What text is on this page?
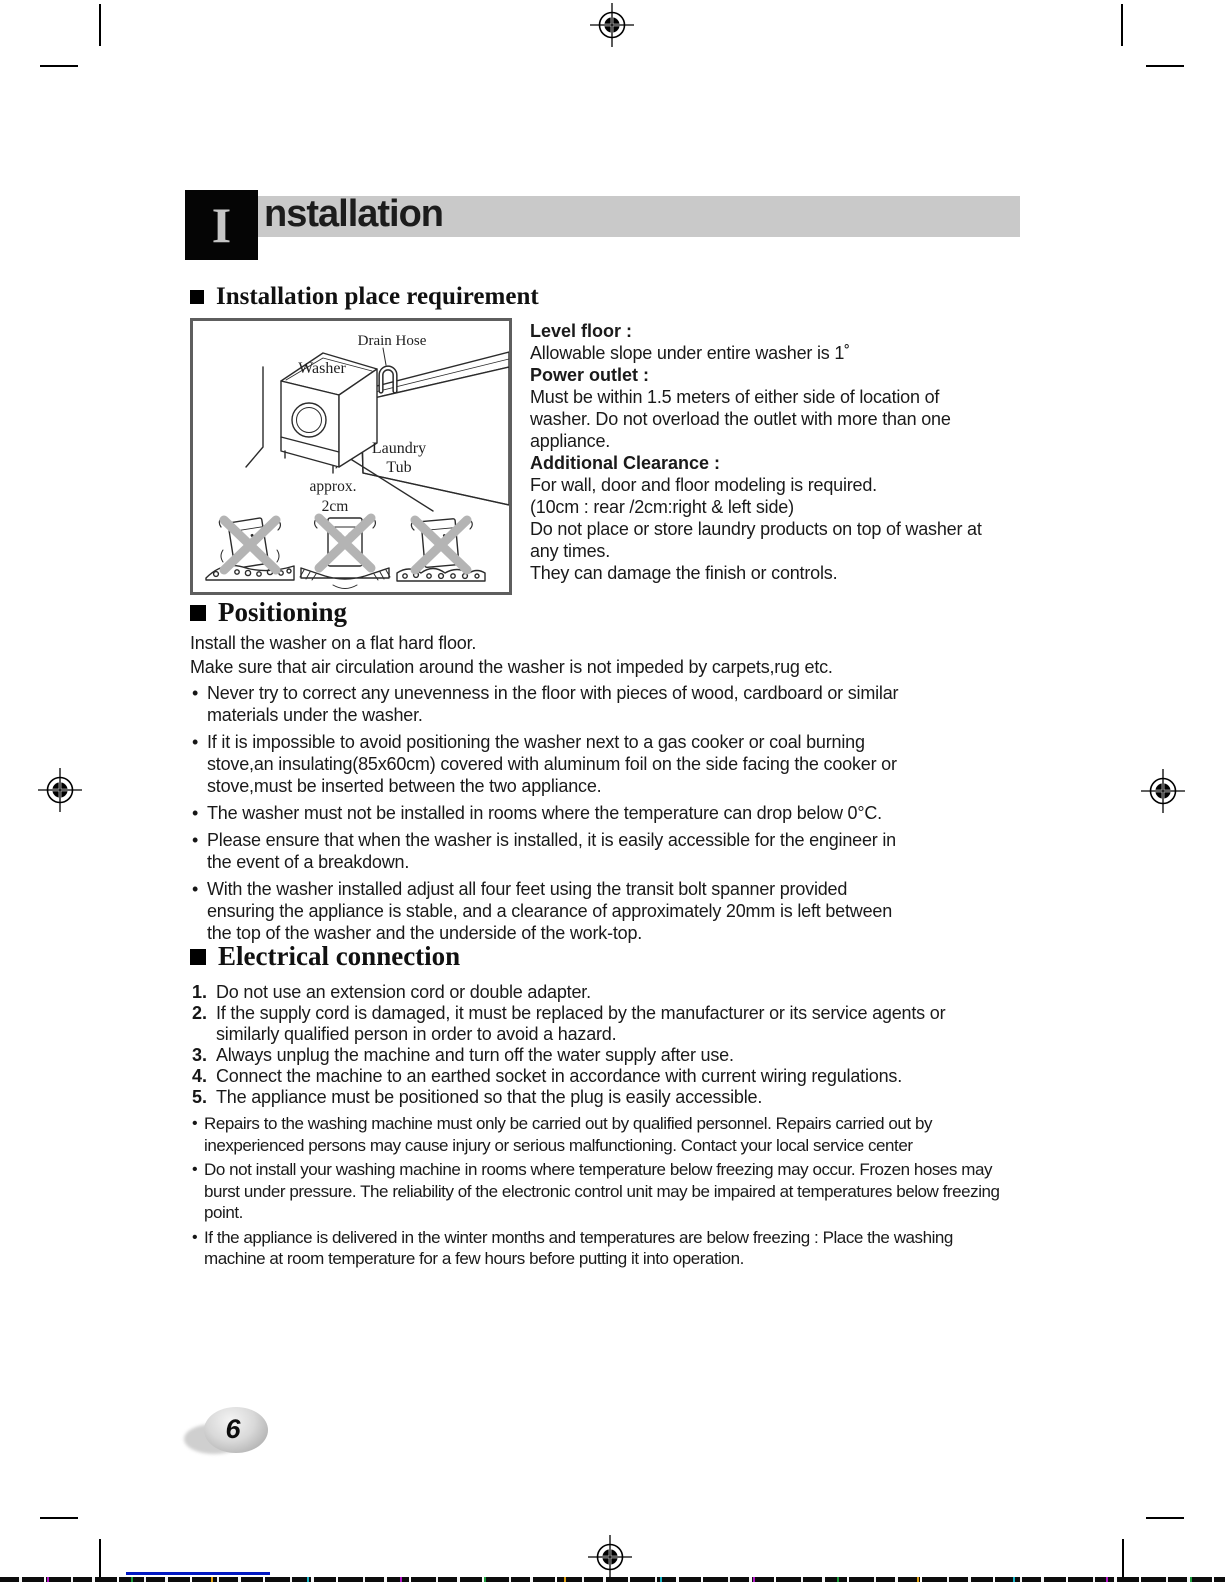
I nstallation
Installation place requirement
Drain Hose
Washer
Laundry
Tub
approx.
2cm
Level floor :
Allowable slope under entire washer is 1˚
Power outlet :
Must be within 1.5 meters of either side of location of
washer. Do not overload the outlet with more than one
appliance.
Additional Clearance :
For wall, door and floor modeling is required.
(10cm : rear /2cm:right & left side)
Do not place or store laundry products on top of washer at
any times.
They can damage the finish or controls.
Positioning
Install the washer on a flat hard floor.
Make sure that air circulation around the washer is not impeded by carpets,rug etc.
• Never try to correct any unevenness in the floor with pieces of wood, cardboard or similar
materials under the washer.
• If it is impossible to avoid positioning the washer next to a gas cooker or coal burning
stove,an insulating(85x60cm) covered with aluminum foil on the side facing the cooker or
stove,must be inserted between the two appliance.
• The washer must not be installed in rooms where the temperature can drop below 0°C.
• Please ensure that when the washer is installed, it is easily accessible for the engineer in
the event of a breakdown.
• With the washer installed adjust all four feet using the transit bolt spanner provided
ensuring the appliance is stable, and a clearance of approximately 20mm is left between
the top of the washer and the underside of the work-top.
Electrical connection
1. Do not use an extension cord or double adapter.
2. If the supply cord is damaged, it must be replaced by the manufacturer or its service agents or
similarly qualified person in order to avoid a hazard.
3. Always unplug the machine and turn off the water supply after use.
4. Connect the machine to an earthed socket in accordance with current wiring regulations.
5. The appliance must be positioned so that the plug is easily accessible.
• Repairs to the washing machine must only be carried out by qualified personnel. Repairs carried out by
inexperienced persons may cause injury or serious malfunctioning. Contact your local service center
• Do not install your washing machine in rooms where temperature below freezing may occur. Frozen hoses may
burst under pressure. The reliability of the electronic control unit may be impaired at temperatures below freezing
point.
• If the appliance is delivered in the winter months and temperatures are below freezing : Place the washing
machine at room temperature for a few hours before putting it into operation.
6
